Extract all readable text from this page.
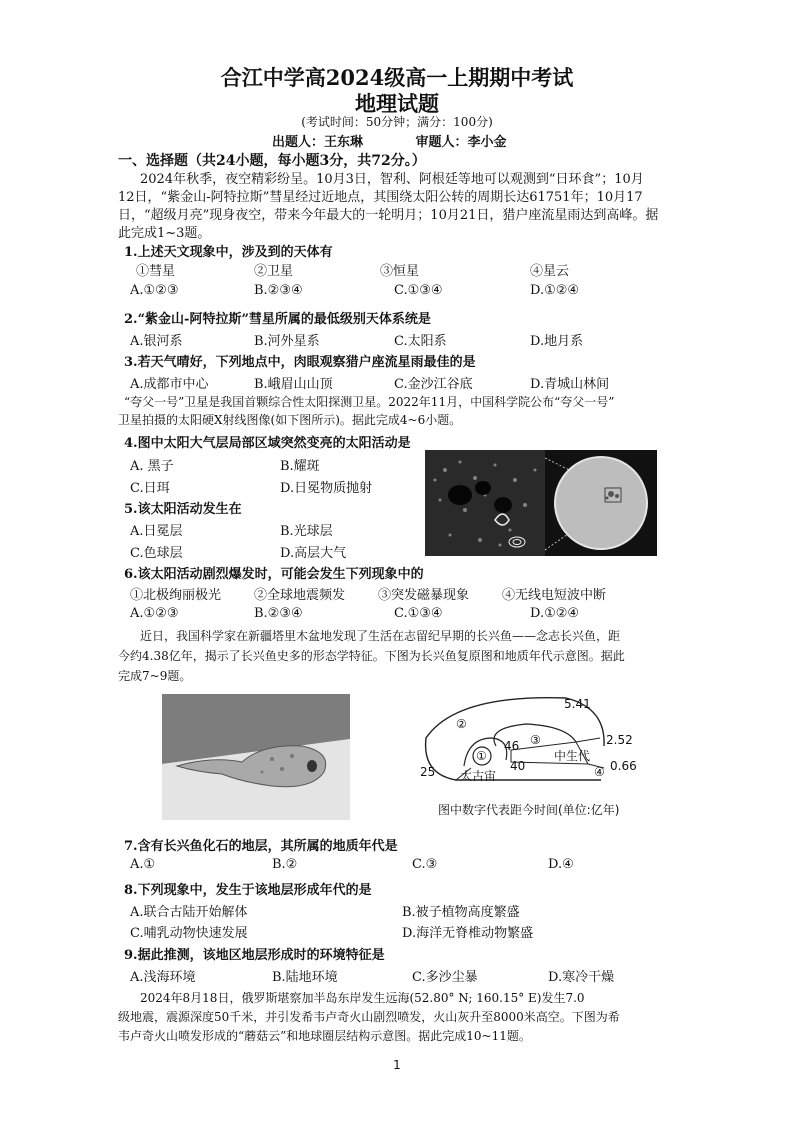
合江中学高2024级高一上期期中考试
地理试题
(考试时间：50分钟；满分：100分)
出题人：王东琳	审题人：李小金
一、选择题（共24小题，每小题3分，共72分。）
2024年秋季，夜空精彩纷呈。10月3日，智利、阿根廷等地可以观测到“日环食”；10月
12日，“紫金山-阿特拉斯”彗星经过近地点，其围绕太阳公转的周期长达61751年；10月17
日，“超级月亮”现身夜空，带来今年最大的一轮明月；10月21日，猎户座流星雨达到高峰。据
此完成1~3题。
1.上述天文现象中，涉及到的天体有
①彗星	②卫星	③恒星	④星云
A.①②③	B.②③④	C.①③④	D.①②④
2.“紫金山-阿特拉斯”彗星所属的最低级别天体系统是
A.银河系	B.河外星系	C.太阳系	D.地月系
3.若天气晴好，下列地点中，肉眼观察猎户座流星雨最佳的是
A.成都市中心	B.峨眉山山顶	C.金沙江谷底	D.青城山林间
“夸父一号”卫星是我国首颗综合性太阳探测卫星。2022年11月，中国科学院公布“夸父一号”
卫星拍摄的太阳硬X射线图像(如下图所示)。据此完成4~6小题。
4.图中太阳大气层局部区域突然变亮的太阳活动是
A. 黑子	B.耀斑
C.日珥	D.日冕物质抛射
5.该太阳活动发生在
A.日冕层	B.光球层
C.色球层	D.高层大气
6.该太阳活动剧烈爆发时，可能会发生下列现象中的
①北极绚丽极光	②全球地震频发	③突发磁暴现象	④无线电短波中断
A.①②③	B.②③④	C.①③④	D.①②④
近日，我国科学家在新疆塔里木盆地发现了生活在志留纪早期的长兴鱼——念志长兴鱼，距
今约4.38亿年，揭示了长兴鱼史多的形态学特征。下图为长兴鱼复原图和地质年代示意图。据此
完成7~9题。
5.41
2.52
0.66
46
40
25
中生代
太古宙
①
②
③
④
图中数字代表距今时间(单位:亿年)
7.含有长兴鱼化石的地层，其所属的地质年代是
A.①	B.②	C.③	D.④
8.下列现象中，发生于该地层形成年代的是
A.联合古陆开始解体	B.被子植物高度繁盛
C.哺乳动物快速发展	D.海洋无脊椎动物繁盛
9.据此推测，该地区地层形成时的环境特征是
A.浅海环境	B.陆地环境	C.多沙尘暴	D.寒冷干燥
2024年8月18日，俄罗斯堪察加半岛东岸发生远海(52.80° N; 160.15° E)发生7.0
级地震，震源深度50千米，并引发希韦卢奇火山剧烈喷发，火山灰升至8000米高空。下图为希
韦卢奇火山喷发形成的“蘑菇云”和地球圈层结构示意图。据此完成10~11题。
1
